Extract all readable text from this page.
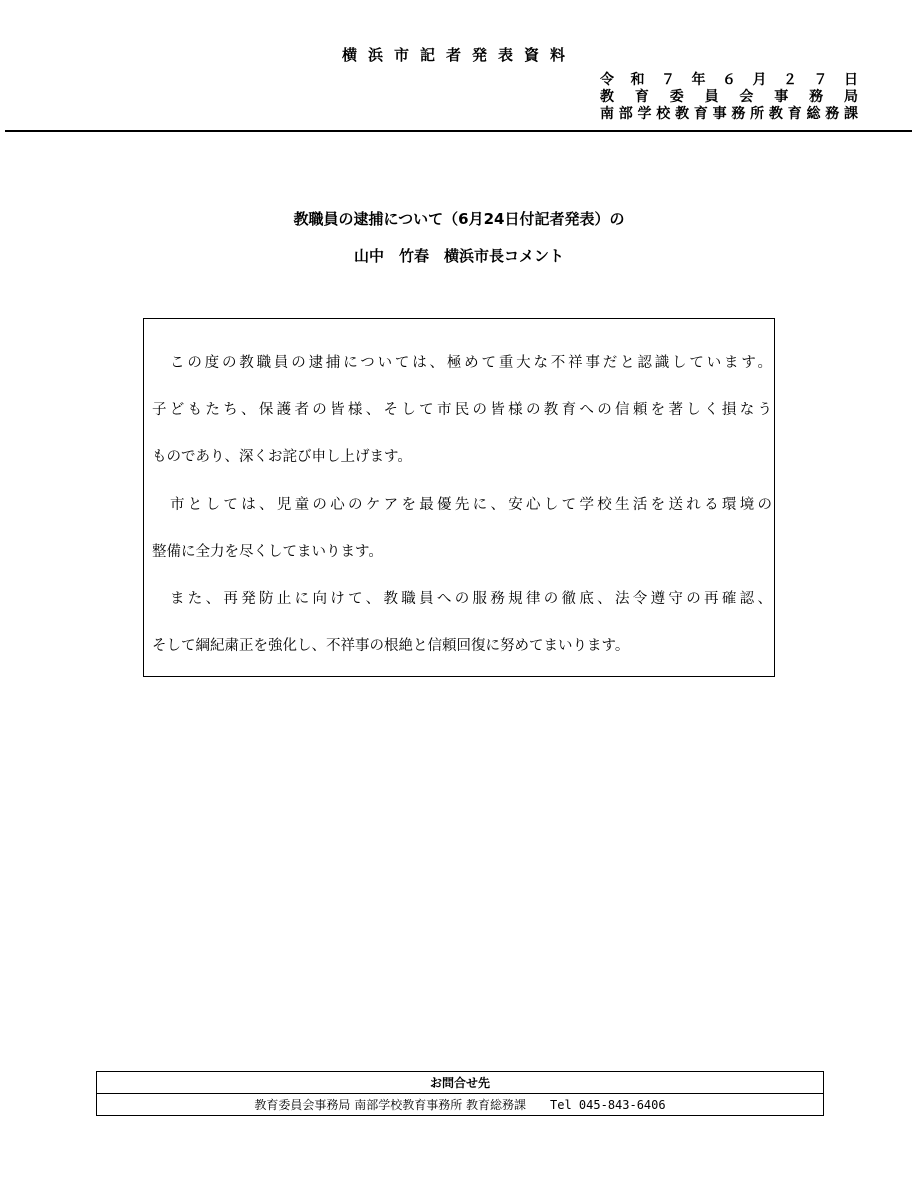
横浜市記者発表資料
令和７年６月２７日
教育委員会事務局
南部学校教育事務所教育総務課
教職員の逮捕について（6月24日付記者発表）の
山中　竹春　横浜市長コメント
この度の教職員の逮捕については、極めて重大な不祥事だと認識しています。
子どもたち、保護者の皆様、そして市民の皆様の教育への信頼を著しく損なう
ものであり、深くお詫び申し上げます。
市としては、児童の心のケアを最優先に、安心して学校生活を送れる環境の
整備に全力を尽くしてまいります。
また、再発防止に向けて、教職員への服務規律の徹底、法令遵守の再確認、
そして綱紀粛正を強化し、不祥事の根絶と信頼回復に努めてまいります。
お問合せ先
教育委員会事務局 南部学校教育事務所 教育総務課 Tel 045-843-6406
